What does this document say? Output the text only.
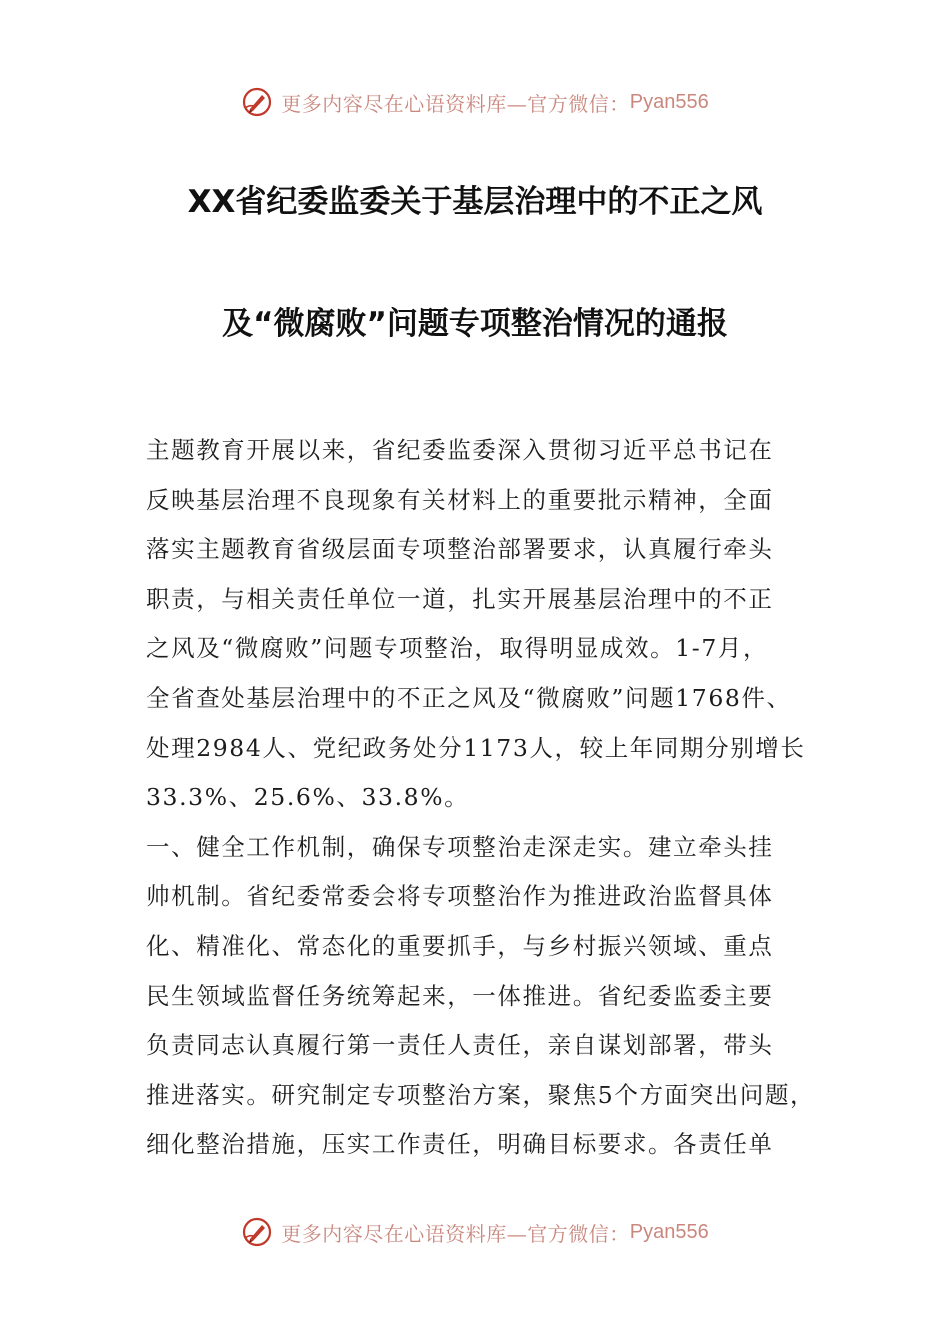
更多内容尽在心语资料库—官方微信： Pyan556
XX省纪委监委关于基层治理中的不正之风
及“微腐败”问题专项整治情况的通报
主题教育开展以来，省纪委监委深入贯彻习近平总书记在
反映基层治理不良现象有关材料上的重要批示精神，全面
落实主题教育省级层面专项整治部署要求，认真履行牵头
职责，与相关责任单位一道，扎实开展基层治理中的不正
之风及“微腐败”问题专项整治，取得明显成效。1-7月，
全省查处基层治理中的不正之风及“微腐败”问题1768件、
处理2984人、党纪政务处分1173人，较上年同期分别增长
33.3%、25.6%、33.8%。
一、健全工作机制，确保专项整治走深走实。建立牵头挂
帅机制。省纪委常委会将专项整治作为推进政治监督具体
化、精准化、常态化的重要抓手，与乡村振兴领域、重点
民生领域监督任务统筹起来，一体推进。省纪委监委主要
负责同志认真履行第一责任人责任，亲自谋划部署，带头
推进落实。研究制定专项整治方案，聚焦5个方面突出问题，
细化整治措施，压实工作责任，明确目标要求。各责任单
更多内容尽在心语资料库—官方微信： Pyan556
